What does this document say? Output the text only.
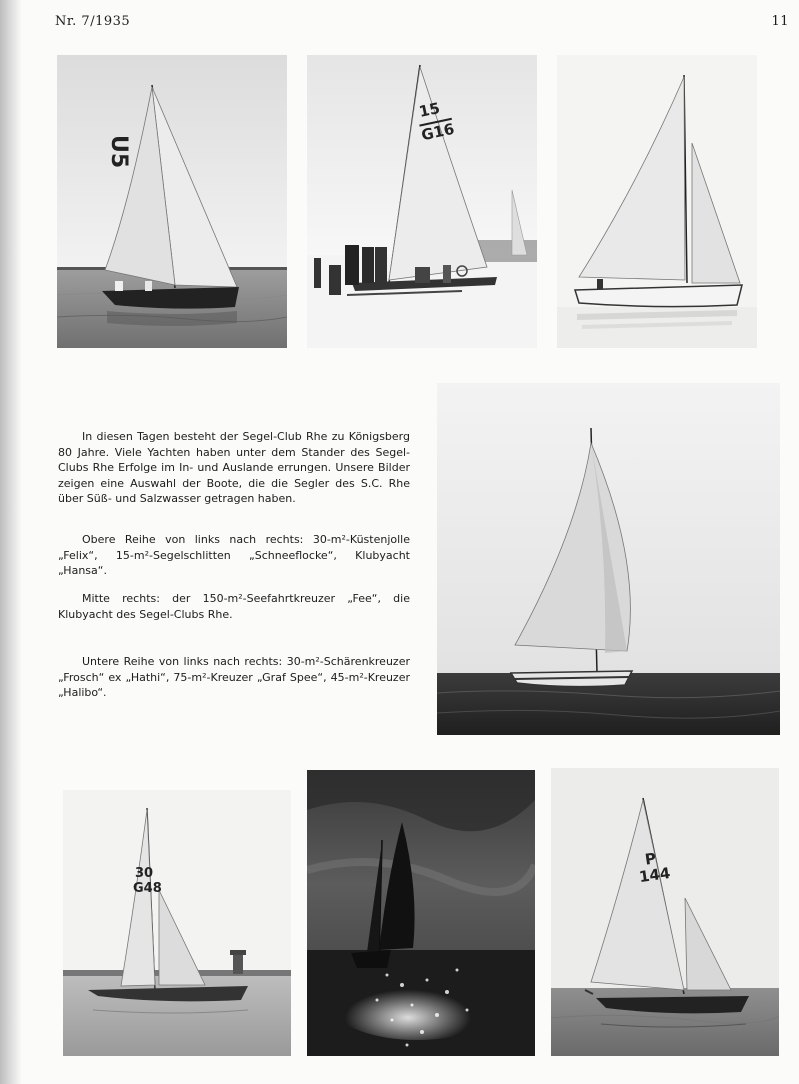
Nr. 7/1935	11
U5
15
G16

In diesen Tagen besteht der Segel-Club Rhe zu Königsberg 80 Jahre. Viele Yachten haben unter dem Stander des Segel-Clubs Rhe Erfolge im In- und Auslande errungen. Unsere Bilder zeigen eine Auswahl der Boote, die die Segler des S.C. Rhe über Süß- und Salzwasser getragen haben.

Obere Reihe von links nach rechts: 30-m²-Küstenjolle „Felix“, 15-m²-Segelschlitten „Schneeflocke“, Klubyacht „Hansa“.

Mitte rechts: der 150-m²-Seefahrtkreuzer „Fee“, die Klubyacht des Segel-Clubs Rhe.

Untere Reihe von links nach rechts: 30-m²-Schärenkreuzer „Frosch“ ex „Hathi“, 75-m²-Kreuzer „Graf Spee“, 45-m²-Kreuzer „Halibo“.

30
G48
P
144
